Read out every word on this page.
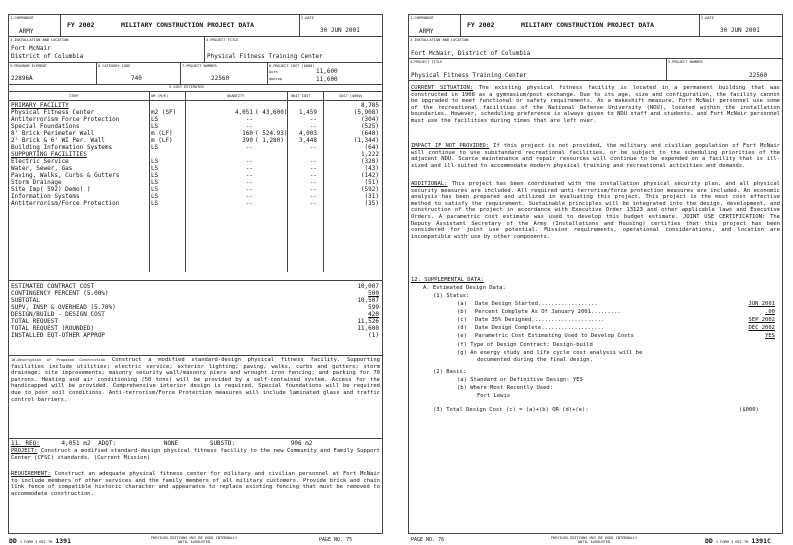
1.COMPONENT
ARMY
FY 2002	MILITARY CONSTRUCTION PROJECT DATA
2.DATE
30 JUN 2001
3.INSTALLATION AND LOCATION
Fort McNair
District of Columbia
4.PROJECT TITLE
Physical Fitness Training Center
5.PROGRAM ELEMENT
22896A
6.CATEGORY CODE
740
7.PROJECT NUMBER
22560
8.PROJECT COST ($000)
Auth	11,600
Approp	11,600
9.COST ESTIMATED
ITEM	UM (M/E)	QUANTITY	UNIT COST	COST ($000)
PRIMARY FACILITY	8,785
Physical Fitness Center	m2 (SF)	4,051 ( 43,600)	1,459	(5,908)
Antiterrorism Force Protection	LS	--	--	(304)
Special Foundations	LS	--	--	(525)
8' Brick Perimeter Wall	m (LF)	160 ( 524.93)	4,003	(640)
2' Brick & 6' WI Per. Wall	m (LF)	390 ( 1,280)	3,448	(1,344)
Building Information Systems	LS	--	--	(64)
SUPPORTING FACILITIES	1,222
Electric Service	LS	--	--	(320)
Water, Sewer, Gas	LS	--	--	(43)
Paving, Walks, Curbs & Gutters	LS	--	--	(142)
Storm Drainage	LS	--	--	(51)
Site Imp( 592) Demo( )	LS	--	--	(592)
Information Systems	LS	--	--	(31)
Antiterrorism/Force Protection	LS	--	--	(35)
ESTIMATED CONTRACT COST	10,007
CONTINGENCY PERCENT (5.00%)	500
SUBTOTAL	10,507
SUPV, INSP & OVERHEAD (5.70%)	599
DESIGN/BUILD - DESIGN COST	420
TOTAL REQUEST	11,526
TOTAL REQUEST (ROUNDED)	11,600
INSTALLED EQT-OTHER APPROP	(1)
10.Description of Proposed Construction Construct a modified standard-design physical fitness facility. Supporting facilities include utilities; electric service; exterior lighting; paving, walks, curbs and gutters; storm drainage; site improvements; masonry security wall/masonry piers and wrought iron fencing; and parking for 70 patrons. Heating and air conditioning (50 tons) will be provided by a self-contained system. Access for the handicapped will be provided. Comprehensive interior design is required. Special foundations will be required due to poor soil conditions. Anti-terrorism/Force Protection measures will include laminated glass and traffic control barriers.
11. REQ:	4,051 m2 ADQT:	NONE	SUBSTD:	906 m2
PROJECT: Construct a modified standard-design physical fitness facility to the new Community and Family Support Center (CFSC) standards. (Current Mission)
REQUIREMENT: Construct an adequate physical fitness center for military and civilian personnel at Fort McNair to include members of other services and the family members of all military customers. Provide brick and chain link fence of compatible historic character and appearance to replace existing fencing that must be removed to accommodate construction.
DD 1 FORM 1 DEC 76 1391	PREVIOUS EDITIONS MAY BE USED INTERNALLY
UNTIL EXHAUSTED	PAGE NO. 75
1.COMPONENT
ARMY
FY 2002	MILITARY CONSTRUCTION PROJECT DATA
2.DATE
30 JUN 2001
3.INSTALLATION AND LOCATION
Fort McNair, District of Columbia
4.PROJECT TITLE
Physical Fitness Training Center
5.PROJECT NUMBER
22560
CURRENT SITUATION: The existing physical fitness facility is located in a permanent building that was constructed in 1908 as a gymnasium/post exchange. Due to its age, size and configuration, the facility cannot be upgraded to meet functional or safety requirements. As a makeshift measure, Fort McNair personnel use some of the recreational facilities of the National Defense University (NDU), located within the installation boundaries. However, scheduling preference is always given to NDU staff and students, and Fort McNair personnel must use the facilities during times that are left over.
IMPACT IF NOT PROVIDED: If this project is not provided, the military and civilian population of Fort McNair will continue to use substandard recreational facilities, or be subject to the scheduling priorities of the adjacent NDU. Scarce maintenance and repair resources will continue to be expended on a facility that is ill-sized and ill-suited to accommodate modern physical training and recreational activities and demands.
ADDITIONAL: This project has been coordinated with the installation physical security plan, and all physical security measures are included. All required anti-terrorism/force protection measures are included. An economic analysis has been prepared and utilized in evaluating this project. This project is the most cost effective method to satisfy the requirement. Sustainable principles will be integrated into the design, development, and construction of the project in accordance with Executive Order 13123 and other applicable laws and Executive Orders. A parametric cost estimate was used to develop this budget estimate. JOINT USE CERTIFICATION: The Deputy Assistant Secretary of the Army (Installations and Housing) certifies that this project has been considered for joint use potential. Mission requirements, operational considerations, and location are incompatible with use by other components.
12. SUPPLEMENTAL DATA:
A. Estimated Design Data:
(1) Status:
(a) Date Design Started..................	JUN 2001
(b) Percent Complete As Of January 2001.........	.00
(c) Date 35% Designed......................	SEP 2002
(d) Date Design Complete...................	DEC 2002
(e) Parametric Cost Estimating Used to Develop Costs	YES
(f) Type of Design Contract: Design-build
(g) An energy study and life cycle cost analysis will be
documented during the final design.
(2) Basis:
(a) Standard or Definitive Design: YES
(b) Where Most Recently Used:
Fort Lewis
(3) Total Design Cost (c) = (a)+(b) OR (d)+(e):	($000)
PAGE NO. 76	PREVIOUS EDITIONS MAY BE USED INTERNALLY
UNTIL EXHAUSTED	DD 1 FORM 1 DEC 76 1391C
